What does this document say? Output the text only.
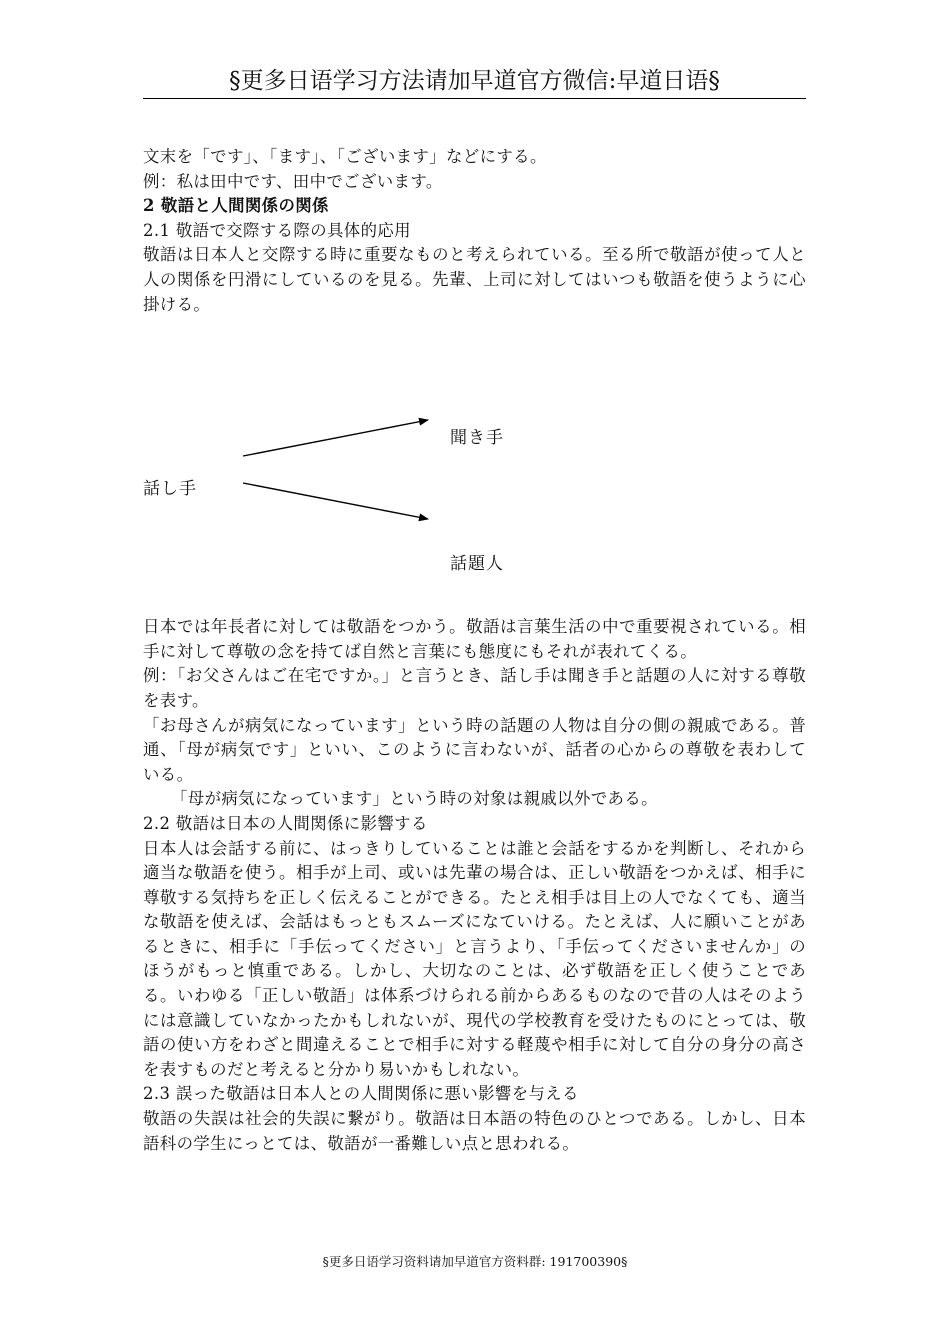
§更多日语学习方法请加早道官方微信:早道日语§

文末を「です」、「ます」、「ございます」などにする。

例：私は田中です、田中でございます。

2 敬語と人間関係の関係

2.1 敬語で交際する際の具体的応用

敬語は日本人と交際する時に重要なものと考えられている。至る所で敬語が使って人と人の関係を円滑にしているのを見る。先輩、上司に対してはいつも敬語を使うように心掛ける。

話し手
聞き手
話題人

日本では年長者に対しては敬語をつかう。敬語は言葉生活の中で重要視されている。相手に対して尊敬の念を持てば自然と言葉にも態度にもそれが表れてくる。

例：「お父さんはご在宅ですか。」と言うとき、話し手は聞き手と話題の人に対する尊敬を表す。

「お母さんが病気になっています」という時の話題の人物は自分の側の親戚である。普通、「母が病気です」といい、このように言わないが、話者の心からの尊敬を表わしている。

「母が病気になっています」という時の対象は親戚以外である。

2.2 敬語は日本の人間関係に影響する

日本人は会話する前に、はっきりしていることは誰と会話をするかを判断し、それから適当な敬語を使う。相手が上司、或いは先輩の場合は、正しい敬語をつかえば、相手に尊敬する気持ちを正しく伝えることができる。たとえ相手は目上の人でなくても、適当な敬語を使えば、会話はもっともスムーズになていける。たとえば、人に願いことがあるときに、相手に「手伝ってください」と言うより、「手伝ってくださいませんか」のほうがもっと慎重である。しかし、大切なのことは、必ず敬語を正しく使うことである。いわゆる「正しい敬語」は体系づけられる前からあるものなので昔の人はそのようには意識していなかったかもしれないが、現代の学校教育を受けたものにとっては、敬語の使い方をわざと間違えることで相手に対する軽蔑や相手に対して自分の身分の高さを表すものだと考えると分かり易いかもしれない。

2.3 誤った敬語は日本人との人間関係に悪い影響を与える

敬語の失誤は社会的失誤に繋がり。敬語は日本語の特色のひとつである。しかし、日本語科の学生にっとては、敬語が一番難しい点と思われる。

§更多日语学习资料请加早道官方资料群: 191700390§
